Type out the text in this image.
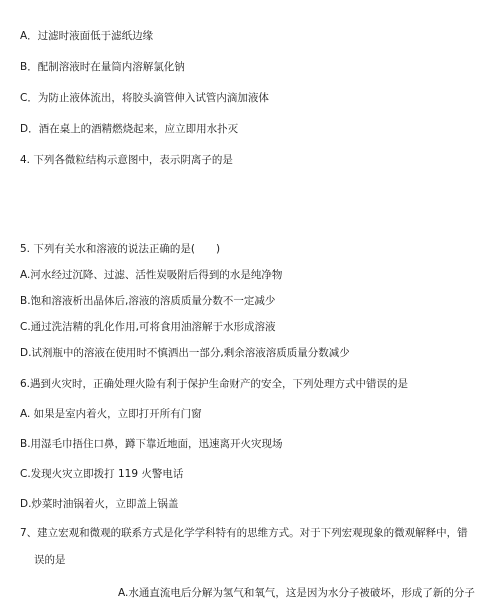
A．过滤时液面低于滤纸边缘
B．配制溶液时在量筒内溶解氯化钠
C．为防止液体流出，将胶头滴管伸入试管内滴加液体
D．酒在桌上的酒精燃烧起来，应立即用水扑灭
4. 下列各微粒结构示意图中，表示阴离子的是
5. 下列有关水和溶液的说法正确的是(　　)
A.河水经过沉降、过滤、活性炭吸附后得到的水是纯净物
B.饱和溶液析出晶体后,溶液的溶质质量分数不一定减少
C.通过洗洁精的乳化作用,可将食用油溶解于水形成溶液
D.试剂瓶中的溶液在使用时不慎洒出一部分,剩余溶液溶质质量分数减少
6.遇到火灾时，正确处理火险有利于保护生命财产的安全，下列处理方式中错误的是
A. 如果是室内着火，立即打开所有门窗
B.用湿毛巾捂住口鼻，蹲下靠近地面，迅速离开火灾现场
C.发现火灾立即拨打 119 火警电话
D.炒菜时油锅着火，立即盖上锅盖
7、建立宏观和微观的联系方式是化学学科特有的思维方式。对于下列宏观现象的微观解释中，错
误的是
A.水通直流电后分解为氢气和氧气，这是因为水分子被破坏，形成了新的分子
